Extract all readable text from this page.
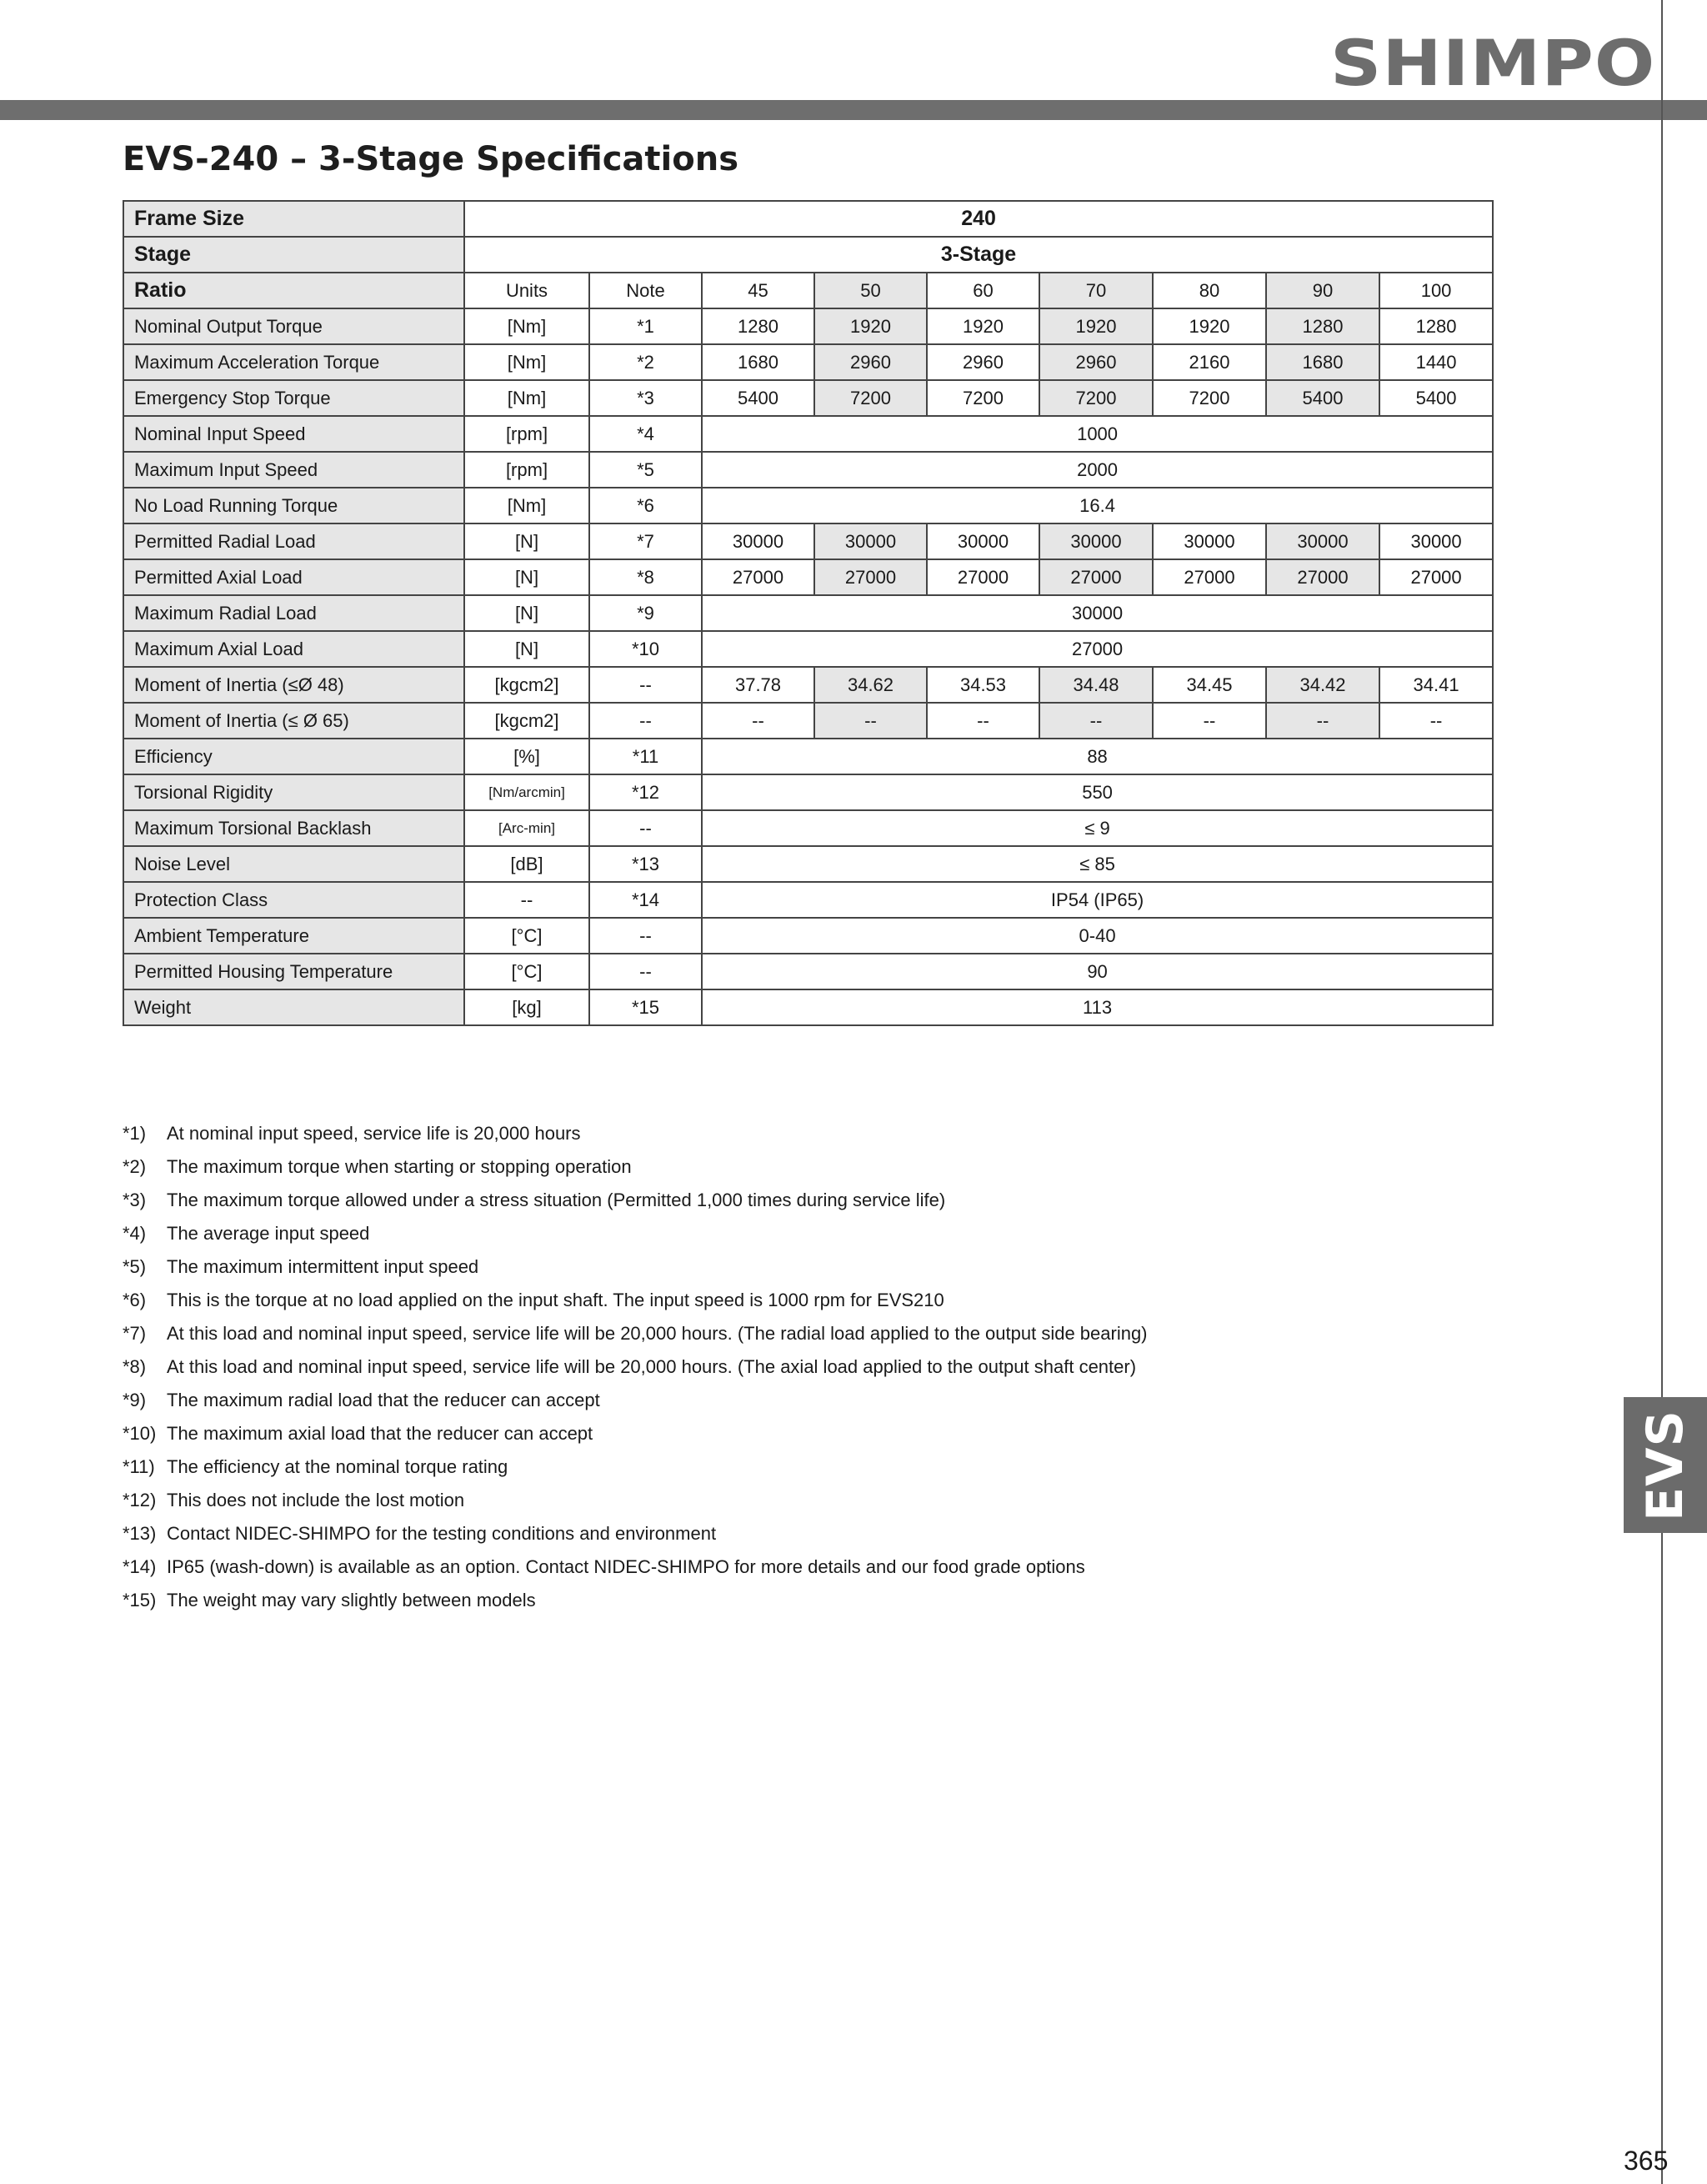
SHIMPO
EVS
EVS-240 – 3-Stage Specifications
Frame Size	240								
Stage	3-Stage								
Ratio	Units	Note	45	50	60	70	80	90	100
Nominal Output Torque	[Nm]	*1	1280	1920	1920	1920	1920	1280	1280
Maximum Acceleration Torque	[Nm]	*2	1680	2960	2960	2960	2160	1680	1440
Emergency Stop Torque	[Nm]	*3	5400	7200	7200	7200	7200	5400	5400
Nominal Input Speed	[rpm]	*4	1000						
Maximum Input Speed	[rpm]	*5	2000						
No Load Running Torque	[Nm]	*6	16.4						
Permitted Radial Load	[N]	*7	30000	30000	30000	30000	30000	30000	30000
Permitted Axial Load	[N]	*8	27000	27000	27000	27000	27000	27000	27000
Maximum Radial Load	[N]	*9	30000						
Maximum Axial Load	[N]	*10	27000						
Moment of Inertia (≤Ø 48)	[kgcm2]	--	37.78	34.62	34.53	34.48	34.45	34.42	34.41
Moment of Inertia (≤ Ø 65)	[kgcm2]	--	--	--	--	--	--	--	--
Efficiency	[%]	*11	88						
Torsional Rigidity	[Nm/arcmin]	*12	550						
Maximum Torsional Backlash	[Arc-min]	--	≤ 9						
Noise Level	[dB]	*13	≤ 85						
Protection Class	--	*14	IP54 (IP65)						
Ambient Temperature	[°C]	--	0-40						
Permitted Housing Temperature	[°C]	--	90						
Weight	[kg]	*15	113						
*1)	At nominal input speed, service life is 20,000 hours
*2)	The maximum torque when starting or stopping operation
*3)	The maximum torque allowed under a stress situation (Permitted 1,000 times during service life)
*4)	The average input speed
*5)	The maximum intermittent input speed
*6)	This is the torque at no load applied on the input shaft. The input speed is 1000 rpm for EVS210
*7)	At this load and nominal input speed, service life will be 20,000 hours. (The radial load applied to the output side bearing)
*8)	At this load and nominal input speed, service life will be 20,000 hours. (The axial load applied to the output shaft center)
*9)	The maximum radial load that the reducer can accept
*10) The maximum axial load that the reducer can accept
*11) The efficiency at the nominal torque rating
*12) This does not include the lost motion
*13) Contact NIDEC-SHIMPO for the testing conditions and environment
*14) IP65 (wash-down) is available as an option. Contact NIDEC-SHIMPO for more details and our food grade options
*15) The weight may vary slightly between models
365
